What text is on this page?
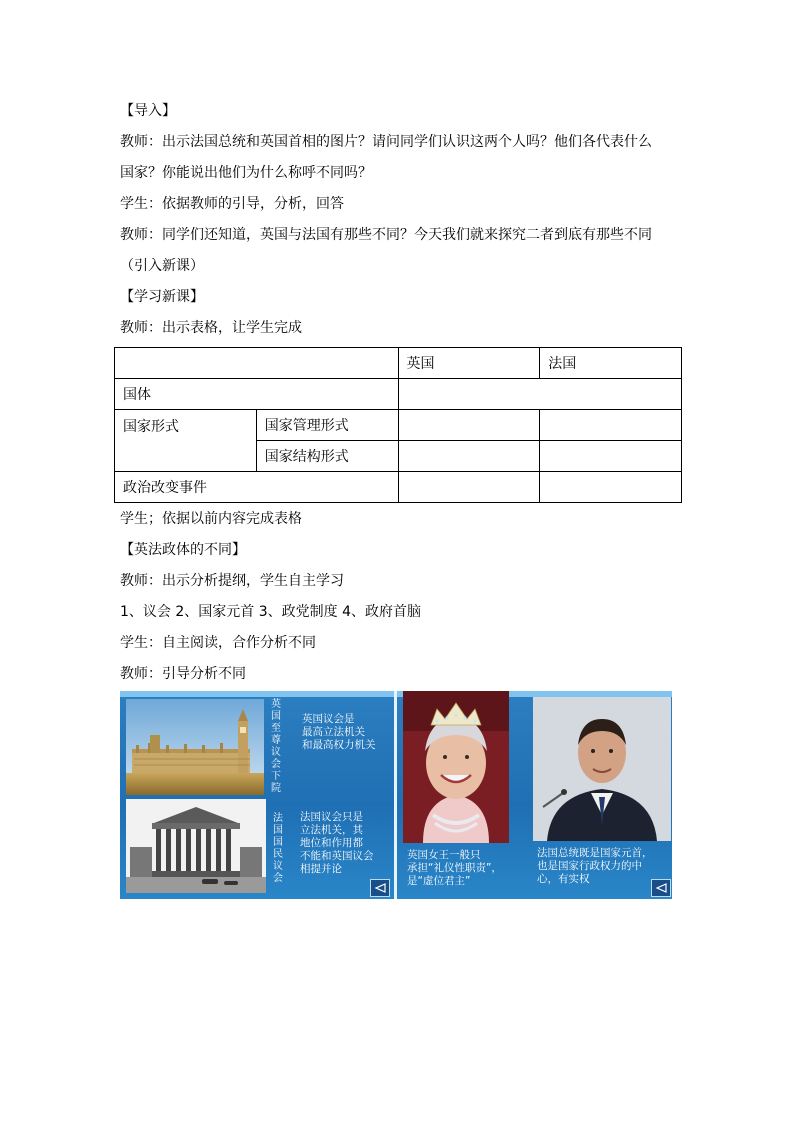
【导入】
教师：出示法国总统和英国首相的图片？请问同学们认识这两个人吗？他们各代表什么
国家？你能说出他们为什么称呼不同吗？
学生：依据教师的引导，分析，回答
教师：同学们还知道，英国与法国有那些不同？今天我们就来探究二者到底有那些不同
（引入新课）
【学习新课】
教师：出示表格，让学生完成
		英国	法国
国体			
国家形式	国家管理形式		
	国家结构形式		
政治改变事件			
学生；依据以前内容完成表格
【英法政体的不同】
教师：出示分析提纲，学生自主学习
1、议会 2、国家元首 3、政党制度 4、政府首脑
学生：自主阅读，合作分析不同
教师：引导分析不同
英国至尊议会下院
英国议会是
最高立法机关
和最高权力机关
法国国民议会
法国议会只是
立法机关，其
地位和作用都
不能和英国议会
相提并论
英国女王一般只
承担“礼仪性职责”，
是“虚位君主”
法国总统既是国家元首，
也是国家行政权力的中
心，有实权
